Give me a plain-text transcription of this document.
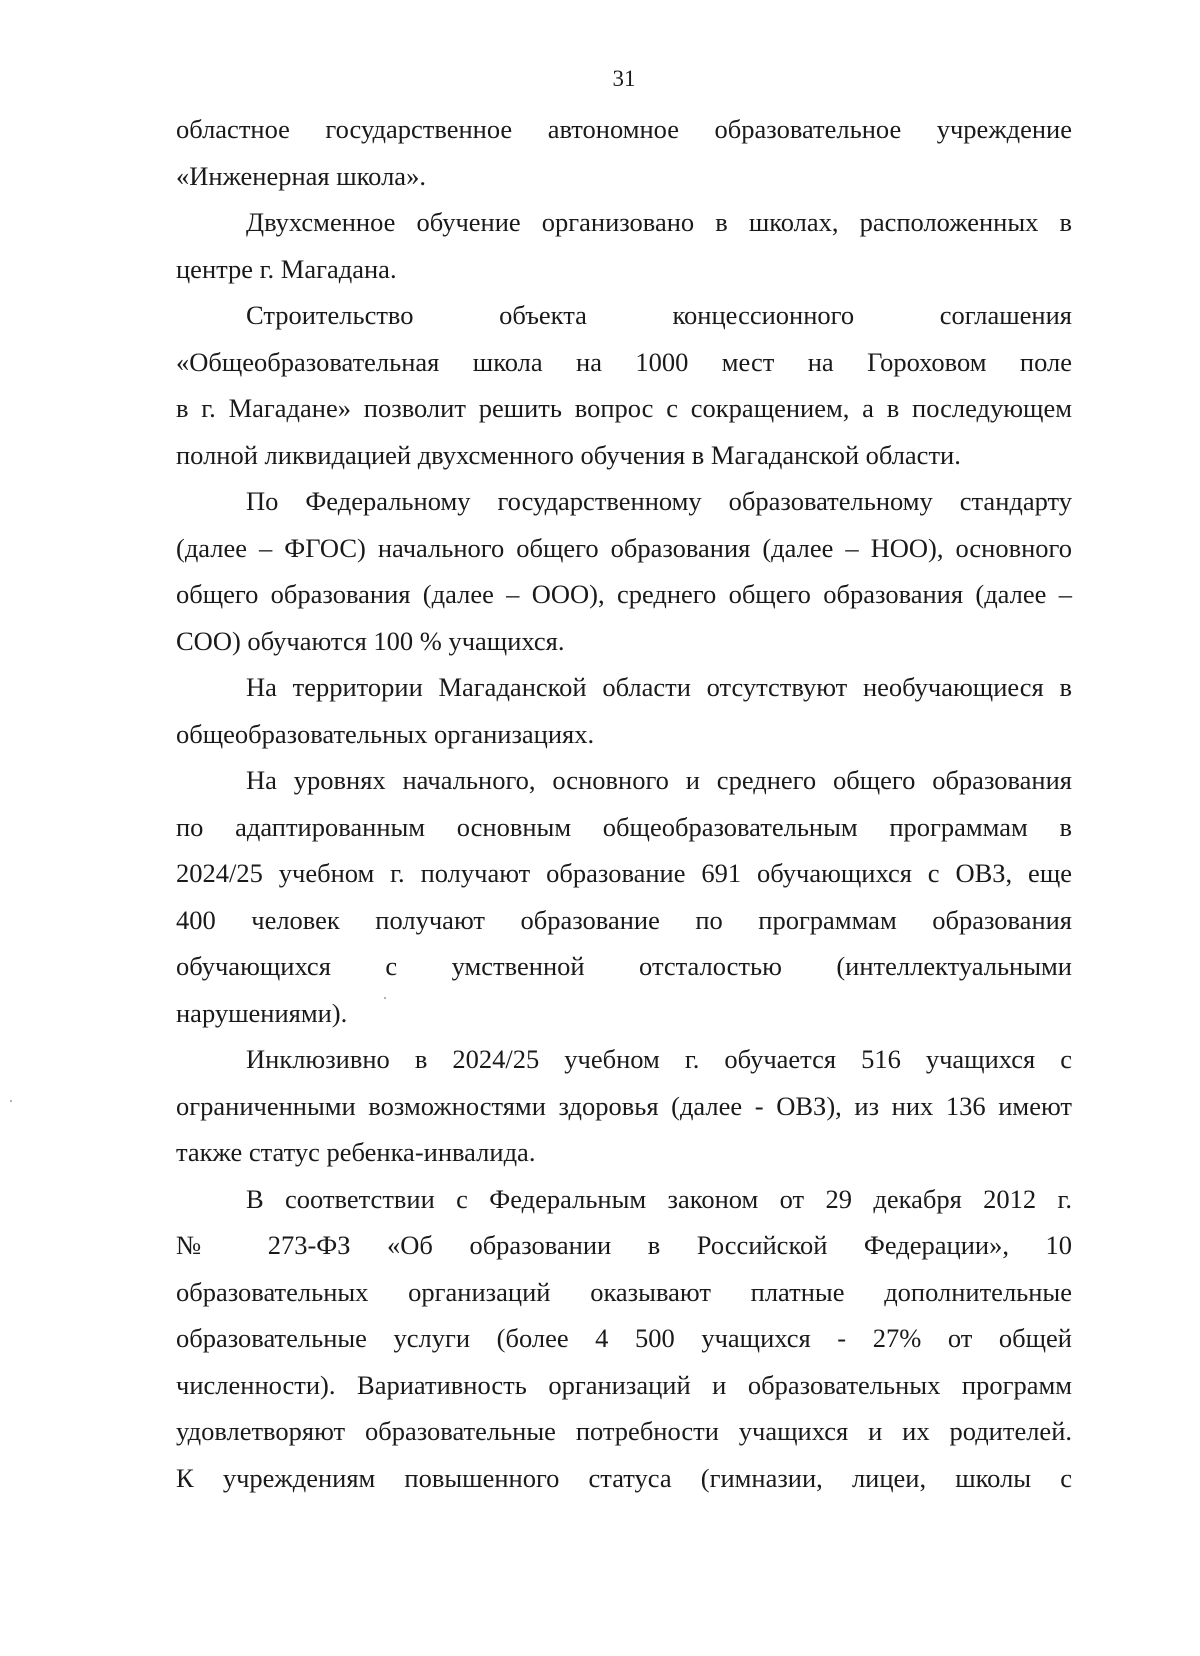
31
областное государственное автономное образовательное учреждение
«Инженерная школа».
Двухсменное обучение организовано в школах, расположенных в
центре г. Магадана.
Строительство объекта концессионного соглашения
«Общеобразовательная школа на 1000 мест на Гороховом поле
в г. Магадане» позволит решить вопрос с сокращением, а в последующем
полной ликвидацией двухсменного обучения в Магаданской области.
По Федеральному государственному образовательному стандарту
(далее – ФГОС) начального общего образования (далее – НОО), основного
общего образования (далее – ООО), среднего общего образования (далее –
СОО) обучаются 100 % учащихся.
На территории Магаданской области отсутствуют необучающиеся в
общеобразовательных организациях.
На уровнях начального, основного и среднего общего образования
по адаптированным основным общеобразовательным программам в
2024/25 учебном г. получают образование 691 обучающихся с ОВЗ, еще
400 человек получают образование по программам образования
обучающихся с умственной отсталостью (интеллектуальными
нарушениями).
Инклюзивно в 2024/25 учебном г. обучается 516 учащихся с
ограниченными возможностями здоровья (далее - ОВЗ), из них 136 имеют
также статус ребенка-инвалида.
В соответствии с Федеральным законом от 29 декабря 2012 г.
№ 273-ФЗ «Об образовании в Российской Федерации», 10
образовательных организаций оказывают платные дополнительные
образовательные услуги (более 4 500 учащихся - 27% от общей
численности). Вариативность организаций и образовательных программ
удовлетворяют образовательные потребности учащихся и их родителей.
К учреждениям повышенного статуса (гимназии, лицеи, школы с
